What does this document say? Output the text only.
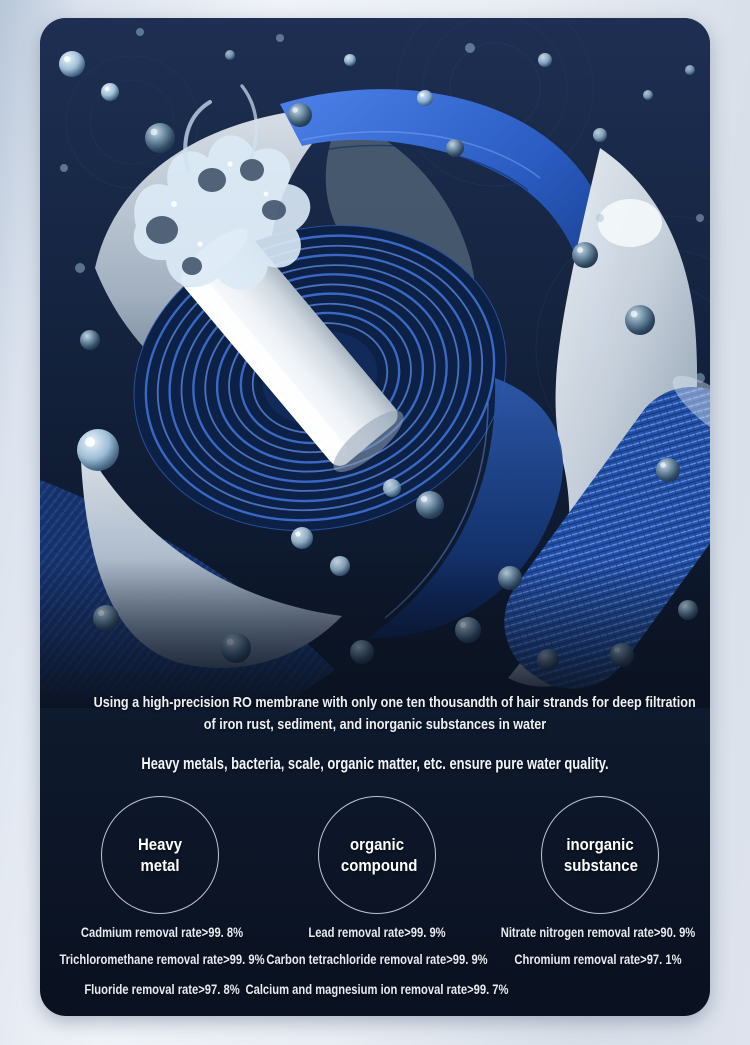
Using a high-precision RO membrane with only one ten thousandth of hair strands for deep filtration
of iron rust, sediment, and inorganic substances in water

Heavy metals, bacteria, scale, organic matter, etc. ensure pure water quality.

Heavy metal
organic compound
inorganic substance
Cadmium removal rate>99. 8%	Lead removal rate>99. 9%	Nitrate nitrogen removal rate>90. 9%
Trichloromethane removal rate>99. 9% Carbon tetrachloride removal rate>99. 9% Chromium removal rate>97. 1%
Fluoride removal rate>97. 8% Calcium and magnesium ion removal rate>99. 7%
